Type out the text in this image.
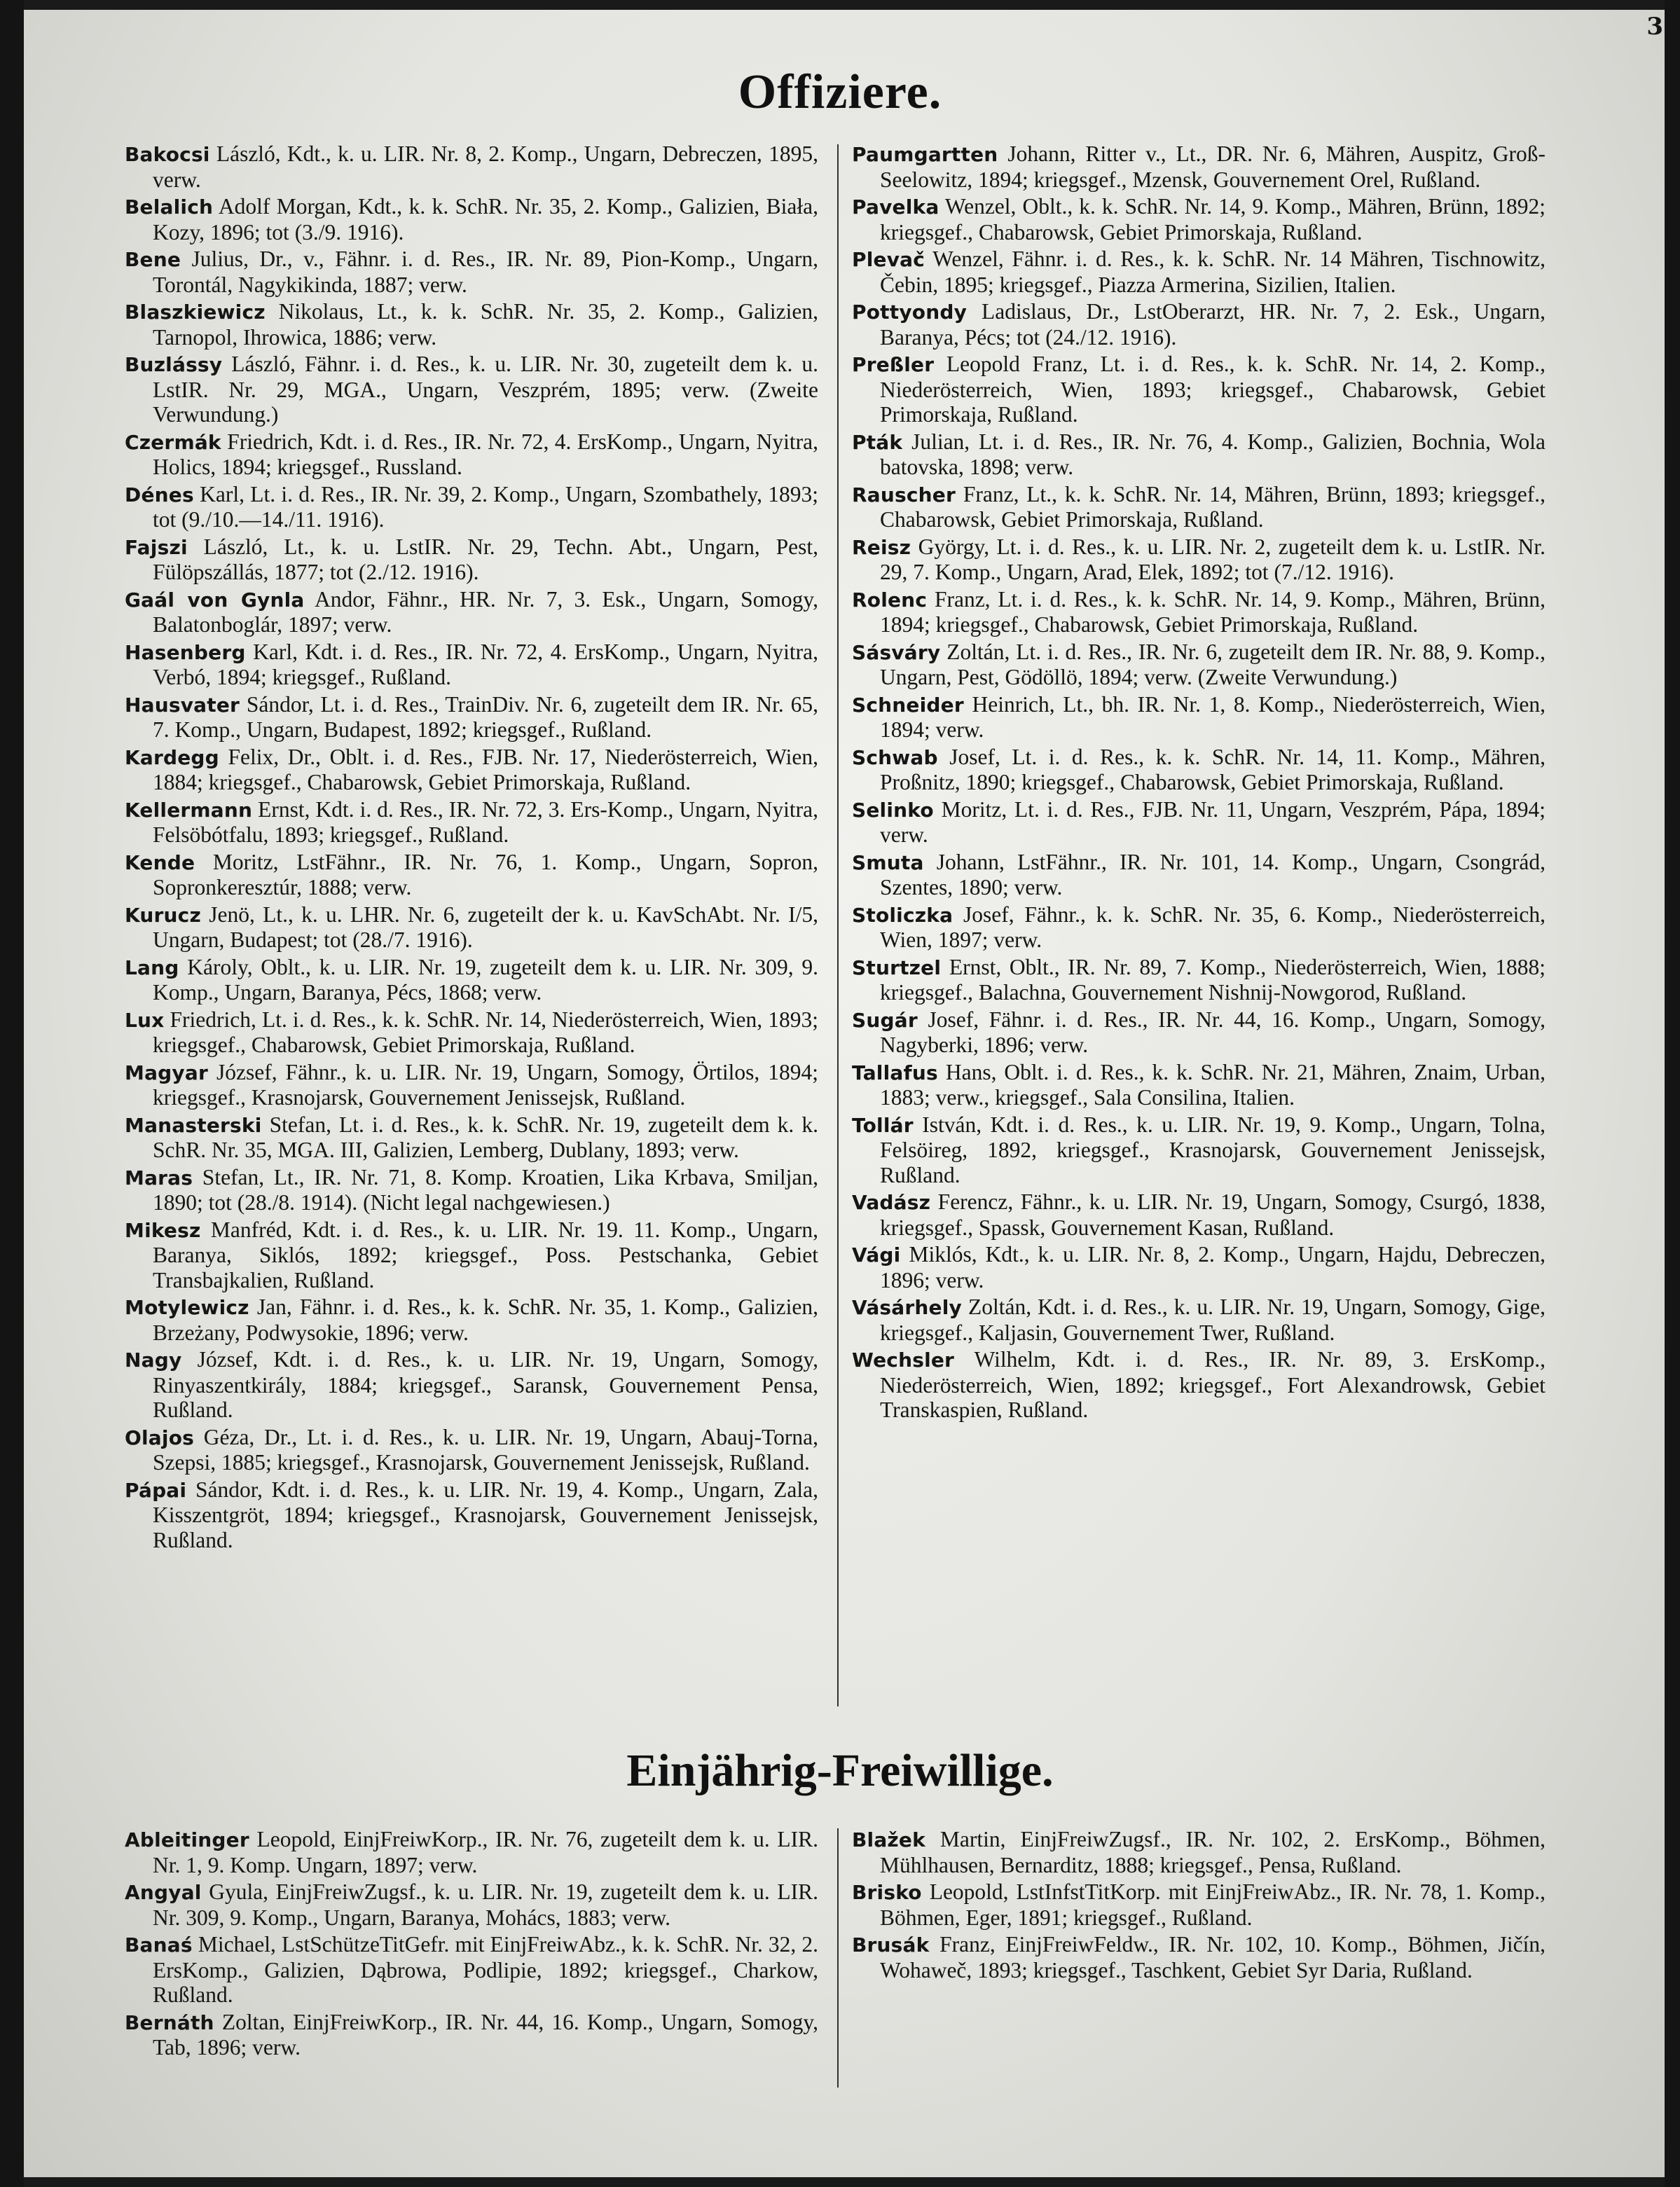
3
Offiziere.

Bakocsi László, Kdt., k. u. LIR. Nr. 8, 2. Komp., Ungarn, Debreczen, 1895, verw.

Belalich Adolf Morgan, Kdt., k. k. SchR. Nr. 35, 2. Komp., Galizien, Biała, Kozy, 1896; tot (3./9. 1916).

Bene Julius, Dr., v., Fähnr. i. d. Res., IR. Nr. 89, Pion-Komp., Ungarn, Torontál, Nagykikinda, 1887; verw.

Blaszkiewicz Nikolaus, Lt., k. k. SchR. Nr. 35, 2. Komp., Galizien, Tarnopol, Ihrowica, 1886; verw.

Buzlássy László, Fähnr. i. d. Res., k. u. LIR. Nr. 30, zugeteilt dem k. u. LstIR. Nr. 29, MGA., Ungarn, Veszprém, 1895; verw. (Zweite Verwundung.)

Czermák Friedrich, Kdt. i. d. Res., IR. Nr. 72, 4. ErsKomp., Ungarn, Nyitra, Holics, 1894; kriegsgef., Russland.

Dénes Karl, Lt. i. d. Res., IR. Nr. 39, 2. Komp., Ungarn, Szombathely, 1893; tot (9./10.—14./11. 1916).

Fajszi László, Lt., k. u. LstIR. Nr. 29, Techn. Abt., Ungarn, Pest, Fülöpszállás, 1877; tot (2./12. 1916).

Gaál von Gynla Andor, Fähnr., HR. Nr. 7, 3. Esk., Ungarn, Somogy, Balatonboglár, 1897; verw.

Hasenberg Karl, Kdt. i. d. Res., IR. Nr. 72, 4. ErsKomp., Ungarn, Nyitra, Verbó, 1894; kriegsgef., Rußland.

Hausvater Sándor, Lt. i. d. Res., TrainDiv. Nr. 6, zugeteilt dem IR. Nr. 65, 7. Komp., Ungarn, Budapest, 1892; kriegsgef., Rußland.

Kardegg Felix, Dr., Oblt. i. d. Res., FJB. Nr. 17, Niederösterreich, Wien, 1884; kriegsgef., Chabarowsk, Gebiet Primorskaja, Rußland.

Kellermann Ernst, Kdt. i. d. Res., IR. Nr. 72, 3. Ers-Komp., Ungarn, Nyitra, Felsöbótfalu, 1893; kriegsgef., Rußland.

Kende Moritz, LstFähnr., IR. Nr. 76, 1. Komp., Ungarn, Sopron, Sopronkeresztúr, 1888; verw.

Kurucz Jenö, Lt., k. u. LHR. Nr. 6, zugeteilt der k. u. KavSchAbt. Nr. I/5, Ungarn, Budapest; tot (28./7. 1916).

Lang Károly, Oblt., k. u. LIR. Nr. 19, zugeteilt dem k. u. LIR. Nr. 309, 9. Komp., Ungarn, Baranya, Pécs, 1868; verw.

Lux Friedrich, Lt. i. d. Res., k. k. SchR. Nr. 14, Niederösterreich, Wien, 1893; kriegsgef., Chabarowsk, Gebiet Primorskaja, Rußland.

Magyar József, Fähnr., k. u. LIR. Nr. 19, Ungarn, Somogy, Örtilos, 1894; kriegsgef., Krasnojarsk, Gouvernement Jenissejsk, Rußland.

Manasterski Stefan, Lt. i. d. Res., k. k. SchR. Nr. 19, zugeteilt dem k. k. SchR. Nr. 35, MGA. III, Galizien, Lemberg, Dublany, 1893; verw.

Maras Stefan, Lt., IR. Nr. 71, 8. Komp. Kroatien, Lika Krbava, Smiljan, 1890; tot (28./8. 1914). (Nicht legal nachgewiesen.)

Mikesz Manfréd, Kdt. i. d. Res., k. u. LIR. Nr. 19. 11. Komp., Ungarn, Baranya, Siklós, 1892; kriegsgef., Poss. Pestschanka, Gebiet Transbajkalien, Rußland.

Motylewicz Jan, Fähnr. i. d. Res., k. k. SchR. Nr. 35, 1. Komp., Galizien, Brzeżany, Podwysokie, 1896; verw.

Nagy József, Kdt. i. d. Res., k. u. LIR. Nr. 19, Ungarn, Somogy, Rinyaszentkirály, 1884; kriegsgef., Saransk, Gouvernement Pensa, Rußland.

Olajos Géza, Dr., Lt. i. d. Res., k. u. LIR. Nr. 19, Ungarn, Abauj-Torna, Szepsi, 1885; kriegsgef., Krasnojarsk, Gouvernement Jenissejsk, Rußland.

Pápai Sándor, Kdt. i. d. Res., k. u. LIR. Nr. 19, 4. Komp., Ungarn, Zala, Kisszentgröt, 1894; kriegsgef., Krasnojarsk, Gouvernement Jenissejsk, Rußland.

Paumgartten Johann, Ritter v., Lt., DR. Nr. 6, Mähren, Auspitz, Groß-Seelowitz, 1894; kriegsgef., Mzensk, Gouvernement Orel, Rußland.

Pavelka Wenzel, Oblt., k. k. SchR. Nr. 14, 9. Komp., Mähren, Brünn, 1892; kriegsgef., Chabarowsk, Gebiet Primorskaja, Rußland.

Plevač Wenzel, Fähnr. i. d. Res., k. k. SchR. Nr. 14 Mähren, Tischnowitz, Čebin, 1895; kriegsgef., Piazza Armerina, Sizilien, Italien.

Pottyondy Ladislaus, Dr., LstOberarzt, HR. Nr. 7, 2. Esk., Ungarn, Baranya, Pécs; tot (24./12. 1916).

Preßler Leopold Franz, Lt. i. d. Res., k. k. SchR. Nr. 14, 2. Komp., Niederösterreich, Wien, 1893; kriegsgef., Chabarowsk, Gebiet Primorskaja, Rußland.

Pták Julian, Lt. i. d. Res., IR. Nr. 76, 4. Komp., Galizien, Bochnia, Wola batovska, 1898; verw.

Rauscher Franz, Lt., k. k. SchR. Nr. 14, Mähren, Brünn, 1893; kriegsgef., Chabarowsk, Gebiet Primorskaja, Rußland.

Reisz György, Lt. i. d. Res., k. u. LIR. Nr. 2, zugeteilt dem k. u. LstIR. Nr. 29, 7. Komp., Ungarn, Arad, Elek, 1892; tot (7./12. 1916).

Rolenc Franz, Lt. i. d. Res., k. k. SchR. Nr. 14, 9. Komp., Mähren, Brünn, 1894; kriegsgef., Chabarowsk, Gebiet Primorskaja, Rußland.

Sásváry Zoltán, Lt. i. d. Res., IR. Nr. 6, zugeteilt dem IR. Nr. 88, 9. Komp., Ungarn, Pest, Gödöllö, 1894; verw. (Zweite Verwundung.)

Schneider Heinrich, Lt., bh. IR. Nr. 1, 8. Komp., Niederösterreich, Wien, 1894; verw.

Schwab Josef, Lt. i. d. Res., k. k. SchR. Nr. 14, 11. Komp., Mähren, Proßnitz, 1890; kriegsgef., Chabarowsk, Gebiet Primorskaja, Rußland.

Selinko Moritz, Lt. i. d. Res., FJB. Nr. 11, Ungarn, Veszprém, Pápa, 1894; verw.

Smuta Johann, LstFähnr., IR. Nr. 101, 14. Komp., Ungarn, Csongrád, Szentes, 1890; verw.

Stoliczka Josef, Fähnr., k. k. SchR. Nr. 35, 6. Komp., Niederösterreich, Wien, 1897; verw.

Sturtzel Ernst, Oblt., IR. Nr. 89, 7. Komp., Niederösterreich, Wien, 1888; kriegsgef., Balachna, Gouvernement Nishnij-Nowgorod, Rußland.

Sugár Josef, Fähnr. i. d. Res., IR. Nr. 44, 16. Komp., Ungarn, Somogy, Nagyberki, 1896; verw.

Tallafus Hans, Oblt. i. d. Res., k. k. SchR. Nr. 21, Mähren, Znaim, Urban, 1883; verw., kriegsgef., Sala Consilina, Italien.

Tollár István, Kdt. i. d. Res., k. u. LIR. Nr. 19, 9. Komp., Ungarn, Tolna, Felsöireg, 1892, kriegsgef., Krasnojarsk, Gouvernement Jenissejsk, Rußland.

Vadász Ferencz, Fähnr., k. u. LIR. Nr. 19, Ungarn, Somogy, Csurgó, 1838, kriegsgef., Spassk, Gouvernement Kasan, Rußland.

Vági Miklós, Kdt., k. u. LIR. Nr. 8, 2. Komp., Ungarn, Hajdu, Debreczen, 1896; verw.

Vásárhely Zoltán, Kdt. i. d. Res., k. u. LIR. Nr. 19, Ungarn, Somogy, Gige, kriegsgef., Kaljasin, Gouvernement Twer, Rußland.

Wechsler Wilhelm, Kdt. i. d. Res., IR. Nr. 89, 3. ErsKomp., Niederösterreich, Wien, 1892; kriegsgef., Fort Alexandrowsk, Gebiet Transkaspien, Rußland.

Einjährig-Freiwillige.

Ableitinger Leopold, EinjFreiwKorp., IR. Nr. 76, zugeteilt dem k. u. LIR. Nr. 1, 9. Komp. Ungarn, 1897; verw.

Angyal Gyula, EinjFreiwZugsf., k. u. LIR. Nr. 19, zugeteilt dem k. u. LIR. Nr. 309, 9. Komp., Ungarn, Baranya, Mohács, 1883; verw.

Banaś Michael, LstSchützeTitGefr. mit EinjFreiwAbz., k. k. SchR. Nr. 32, 2. ErsKomp., Galizien, Dąbrowa, Podlipie, 1892; kriegsgef., Charkow, Rußland.

Bernáth Zoltan, EinjFreiwKorp., IR. Nr. 44, 16. Komp., Ungarn, Somogy, Tab, 1896; verw.

Blažek Martin, EinjFreiwZugsf., IR. Nr. 102, 2. ErsKomp., Böhmen, Mühlhausen, Bernarditz, 1888; kriegsgef., Pensa, Rußland.

Brisko Leopold, LstInfstTitKorp. mit EinjFreiwAbz., IR. Nr. 78, 1. Komp., Böhmen, Eger, 1891; kriegsgef., Rußland.

Brusák Franz, EinjFreiwFeldw., IR. Nr. 102, 10. Komp., Böhmen, Jičín, Wohaweč, 1893; kriegsgef., Taschkent, Gebiet Syr Daria, Rußland.
